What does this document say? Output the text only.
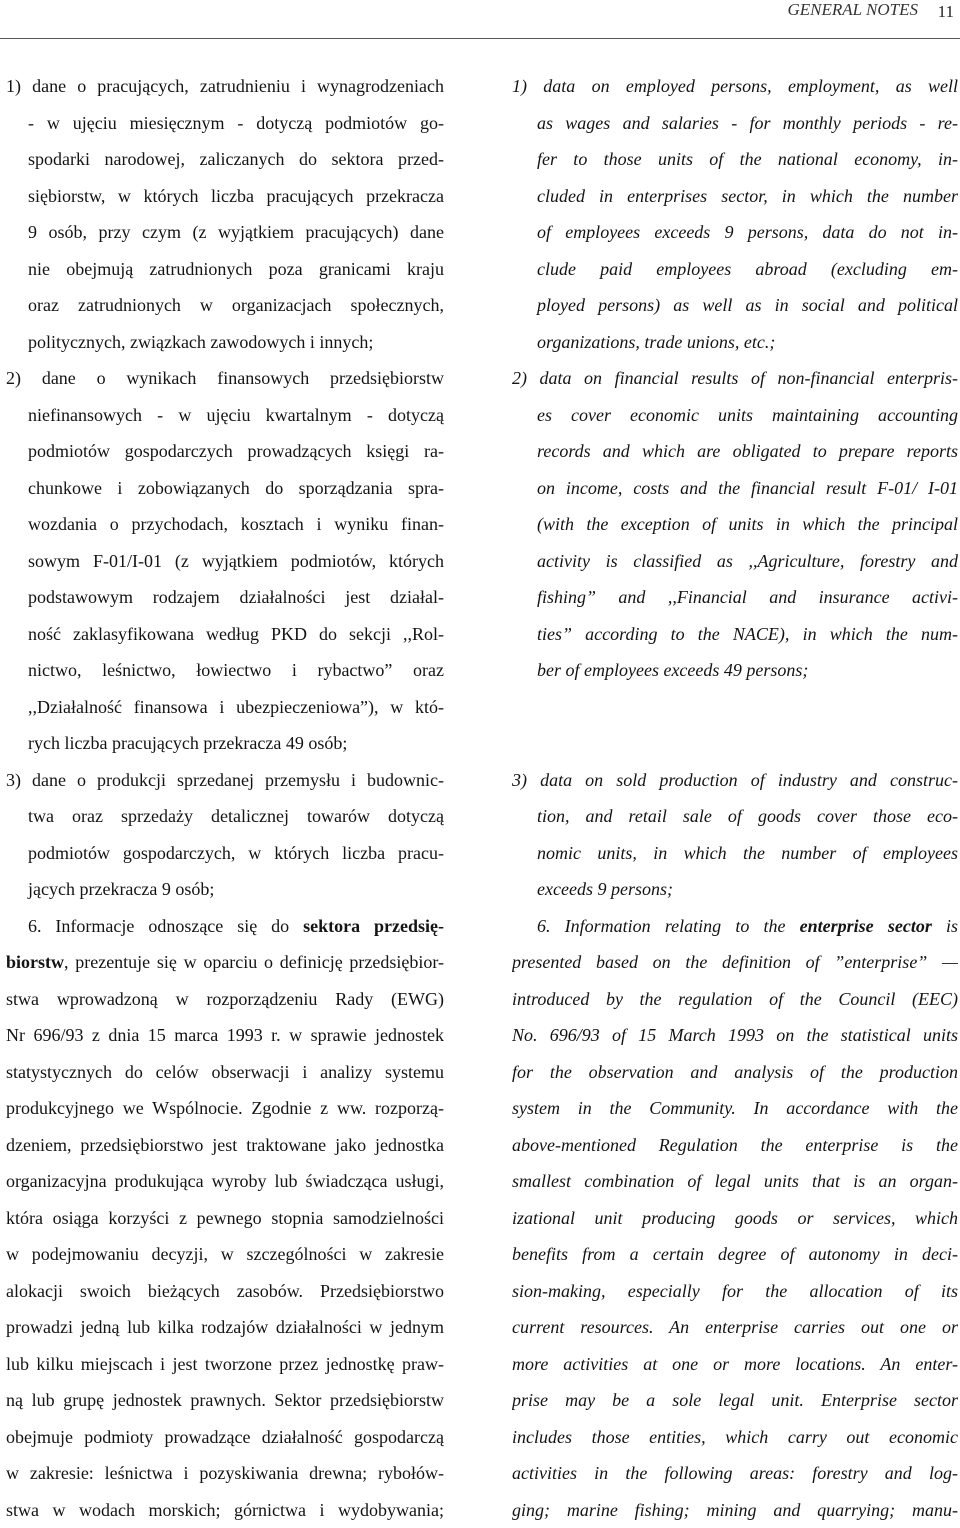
GENERAL NOTES 11
1) dane o pracujących, zatrudnieniu i wynagrodzeniach
- w ujęciu miesięcznym - dotyczą podmiotów go-
spodarki narodowej, zaliczanych do sektora przed-
siębiorstw, w których liczba pracujących przekracza
9 osób, przy czym (z wyjątkiem pracujących) dane
nie obejmują zatrudnionych poza granicami kraju
oraz zatrudnionych w organizacjach społecznych,
politycznych, związkach zawodowych i innych;
2) dane o wynikach finansowych przedsiębiorstw
niefinansowych - w ujęciu kwartalnym - dotyczą
podmiotów gospodarczych prowadzących księgi ra-
chunkowe i zobowiązanych do sporządzania spra-
wozdania o przychodach, kosztach i wyniku finan-
sowym F-01/I-01 (z wyjątkiem podmiotów, których
podstawowym rodzajem działalności jest działal-
ność zaklasyfikowana według PKD do sekcji ,,Rol-
nictwo, leśnictwo, łowiectwo i rybactwo” oraz
,,Działalność finansowa i ubezpieczeniowa”), w któ-
rych liczba pracujących przekracza 49 osób;
3) dane o produkcji sprzedanej przemysłu i budownic-
twa oraz sprzedaży detalicznej towarów dotyczą
podmiotów gospodarczych, w których liczba pracu-
jących przekracza 9 osób;
6. Informacje odnoszące się do sektora przedsię-
biorstw, prezentuje się w oparciu o definicję przedsiębior-
stwa wprowadzoną w rozporządzeniu Rady (EWG)
Nr 696/93 z dnia 15 marca 1993 r. w sprawie jednostek
statystycznych do celów obserwacji i analizy systemu
produkcyjnego we Wspólnocie. Zgodnie z ww. rozporzą-
dzeniem, przedsiębiorstwo jest traktowane jako jednostka
organizacyjna produkująca wyroby lub świadcząca usługi,
która osiąga korzyści z pewnego stopnia samodzielności
w podejmowaniu decyzji, w szczególności w zakresie
alokacji swoich bieżących zasobów. Przedsiębiorstwo
prowadzi jedną lub kilka rodzajów działalności w jednym
lub kilku miejscach i jest tworzone przez jednostkę praw-
ną lub grupę jednostek prawnych. Sektor przedsiębiorstw
obejmuje podmioty prowadzące działalność gospodarczą
w zakresie: leśnictwa i pozyskiwania drewna; rybołów-
stwa w wodach morskich; górnictwa i wydobywania;
1) data on employed persons, employment, as well
as wages and salaries - for monthly periods - re-
fer to those units of the national economy, in-
cluded in enterprises sector, in which the number
of employees exceeds 9 persons, data do not in-
clude paid employees abroad (excluding em-
ployed persons) as well as in social and political
organizations, trade unions, etc.;
2) data on financial results of non-financial enterpris-
es cover economic units maintaining accounting
records and which are obligated to prepare reports
on income, costs and the financial result F-01/ I-01
(with the exception of units in which the principal
activity is classified as ,,Agriculture, forestry and
fishing” and ,,Financial and insurance activi-
ties” according to the NACE), in which the num-
ber of employees exceeds 49 persons;
3) data on sold production of industry and construc-
tion, and retail sale of goods cover those eco-
nomic units, in which the number of employees
exceeds 9 persons;
6. Information relating to the enterprise sector is
presented based on the definition of ”enterprise” —
introduced by the regulation of the Council (EEC)
No. 696/93 of 15 March 1993 on the statistical units
for the observation and analysis of the production
system in the Community. In accordance with the
above-mentioned Regulation the enterprise is the
smallest combination of legal units that is an organ-
izational unit producing goods or services, which
benefits from a certain degree of autonomy in deci-
sion-making, especially for the allocation of its
current resources. An enterprise carries out one or
more activities at one or more locations. An enter-
prise may be a sole legal unit. Enterprise sector
includes those entities, which carry out economic
activities in the following areas: forestry and log-
ging; marine fishing; mining and quarrying; manu-
